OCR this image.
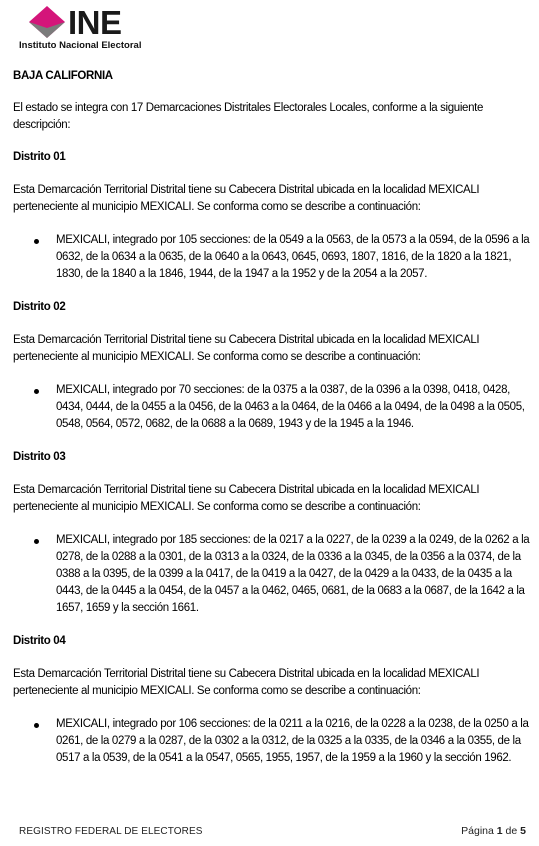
INE
Instituto Nacional Electoral

BAJA CALIFORNIA

El estado se integra con 17 Demarcaciones Distritales Electorales Locales, conforme a la siguiente descripción:

Distrito 01

Esta Demarcación Territorial Distrital tiene su Cabecera Distrital ubicada en la localidad MEXICALI perteneciente al municipio MEXICALI. Se conforma como se describe a continuación:

MEXICALI, integrado por 105 secciones: de la 0549 a la 0563, de la 0573 a la 0594, de la 0596 a la 0632, de la 0634 a la 0635, de la 0640 a la 0643, 0645, 0693, 1807, 1816, de la 1820 a la 1821, 1830, de la 1840 a la 1846, 1944, de la 1947 a la 1952 y de la 2054 a la 2057.

Distrito 02

Esta Demarcación Territorial Distrital tiene su Cabecera Distrital ubicada en la localidad MEXICALI perteneciente al municipio MEXICALI. Se conforma como se describe a continuación:

MEXICALI, integrado por 70 secciones: de la 0375 a la 0387, de la 0396 a la 0398, 0418, 0428, 0434, 0444, de la 0455 a la 0456, de la 0463 a la 0464, de la 0466 a la 0494, de la 0498 a la 0505, 0548, 0564, 0572, 0682, de la 0688 a la 0689, 1943 y de la 1945 a la 1946.

Distrito 03

Esta Demarcación Territorial Distrital tiene su Cabecera Distrital ubicada en la localidad MEXICALI perteneciente al municipio MEXICALI. Se conforma como se describe a continuación:

MEXICALI, integrado por 185 secciones: de la 0217 a la 0227, de la 0239 a la 0249, de la 0262 a la 0278, de la 0288 a la 0301, de la 0313 a la 0324, de la 0336 a la 0345, de la 0356 a la 0374, de la 0388 a la 0395, de la 0399 a la 0417, de la 0419 a la 0427, de la 0429 a la 0433, de la 0435 a la 0443, de la 0445 a la 0454, de la 0457 a la 0462, 0465, 0681, de la 0683 a la 0687, de la 1642 a la 1657, 1659 y la sección 1661.

Distrito 04

Esta Demarcación Territorial Distrital tiene su Cabecera Distrital ubicada en la localidad MEXICALI perteneciente al municipio MEXICALI. Se conforma como se describe a continuación:

MEXICALI, integrado por 106 secciones: de la 0211 a la 0216, de la 0228 a la 0238, de la 0250 a la 0261, de la 0279 a la 0287, de la 0302 a la 0312, de la 0325 a la 0335, de la 0346 a la 0355, de la 0517 a la 0539, de la 0541 a la 0547, 0565, 1955, 1957, de la 1959 a la 1960 y la sección 1962.
REGISTRO FEDERAL DE ELECTORES	Página 1 de 5
